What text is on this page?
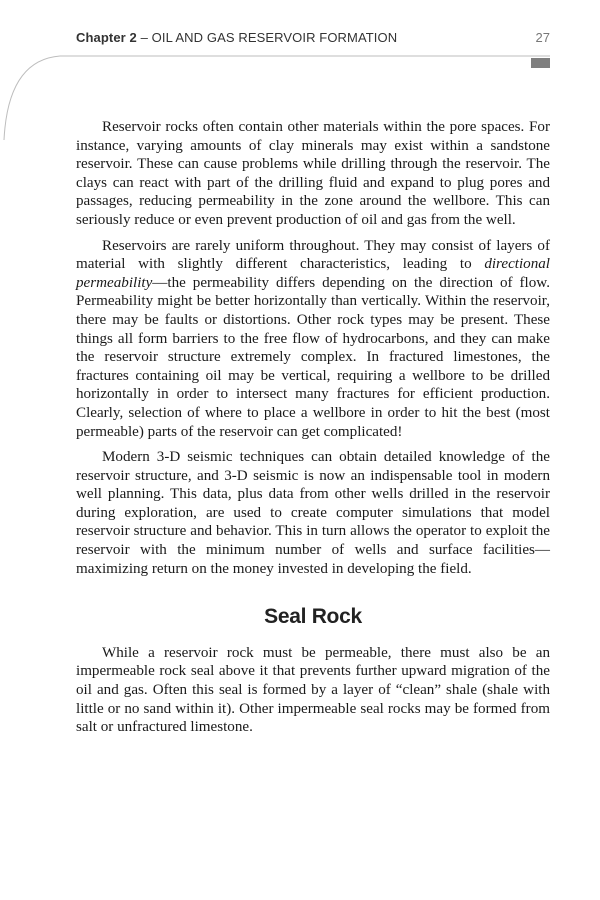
Chapter 2 – OIL AND GAS RESERVOIR FORMATION	27

Reservoir rocks often contain other materials within the pore spaces. For instance, varying amounts of clay minerals may exist within a sandstone reservoir. These can cause problems while drilling through the reservoir. The clays can react with part of the drilling fluid and expand to plug pores and passages, reducing permeability in the zone around the wellbore. This can seriously reduce or even prevent production of oil and gas from the well.

Reservoirs are rarely uniform throughout. They may consist of layers of material with slightly different characteristics, leading to directional permeability—the permeability differs depending on the direction of flow. Permeability might be better horizontally than vertically. Within the reservoir, there may be faults or distortions. Other rock types may be present. These things all form barriers to the free flow of hydrocarbons, and they can make the reservoir structure extremely complex. In fractured limestones, the fractures containing oil may be vertical, requiring a wellbore to be drilled horizontally in order to intersect many fractures for efficient production. Clearly, selection of where to place a wellbore in order to hit the best (most permeable) parts of the reservoir can get complicated!

Modern 3-D seismic techniques can obtain detailed knowledge of the reservoir structure, and 3-D seismic is now an indispensable tool in modern well planning. This data, plus data from other wells drilled in the reservoir during exploration, are used to create computer simulations that model reservoir structure and behavior. This in turn allows the operator to exploit the reservoir with the minimum number of wells and surface facilities—maximizing return on the money invested in developing the field.

Seal Rock

While a reservoir rock must be permeable, there must also be an impermeable rock seal above it that prevents further upward migration of the oil and gas. Often this seal is formed by a layer of “clean” shale (shale with little or no sand within it). Other impermeable seal rocks may be formed from salt or unfractured limestone.
